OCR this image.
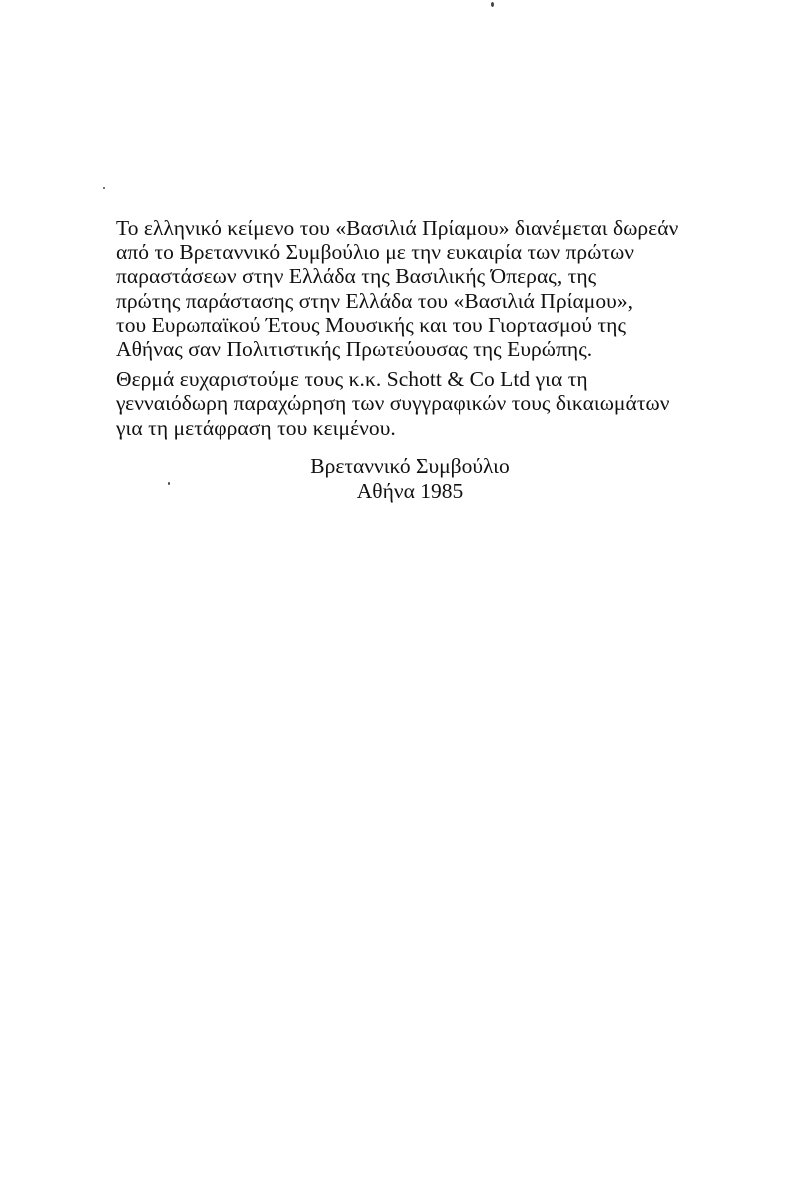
Το ελληνικό κείμενο του «Βασιλιά Πρίαμου» διανέμεται δωρεάν
από το Βρεταννικό Συμβούλιο με την ευκαιρία των πρώτων
παραστάσεων στην Ελλάδα της Βασιλικής Όπερας, της
πρώτης παράστασης στην Ελλάδα του «Βασιλιά Πρίαμου»,
του Ευρωπαϊκού Έτους Μουσικής και του Γιορτασμού της
Αθήνας σαν Πολιτιστικής Πρωτεύουσας της Ευρώπης.

Θερμά ευχαριστούμε τους κ.κ. Schott & Co Ltd για τη
γενναιόδωρη παραχώρηση των συγγραφικών τους δικαιωμάτων
για τη μετάφραση του κειμένου.

Βρεταννικό Συμβούλιο
Αθήνα 1985
